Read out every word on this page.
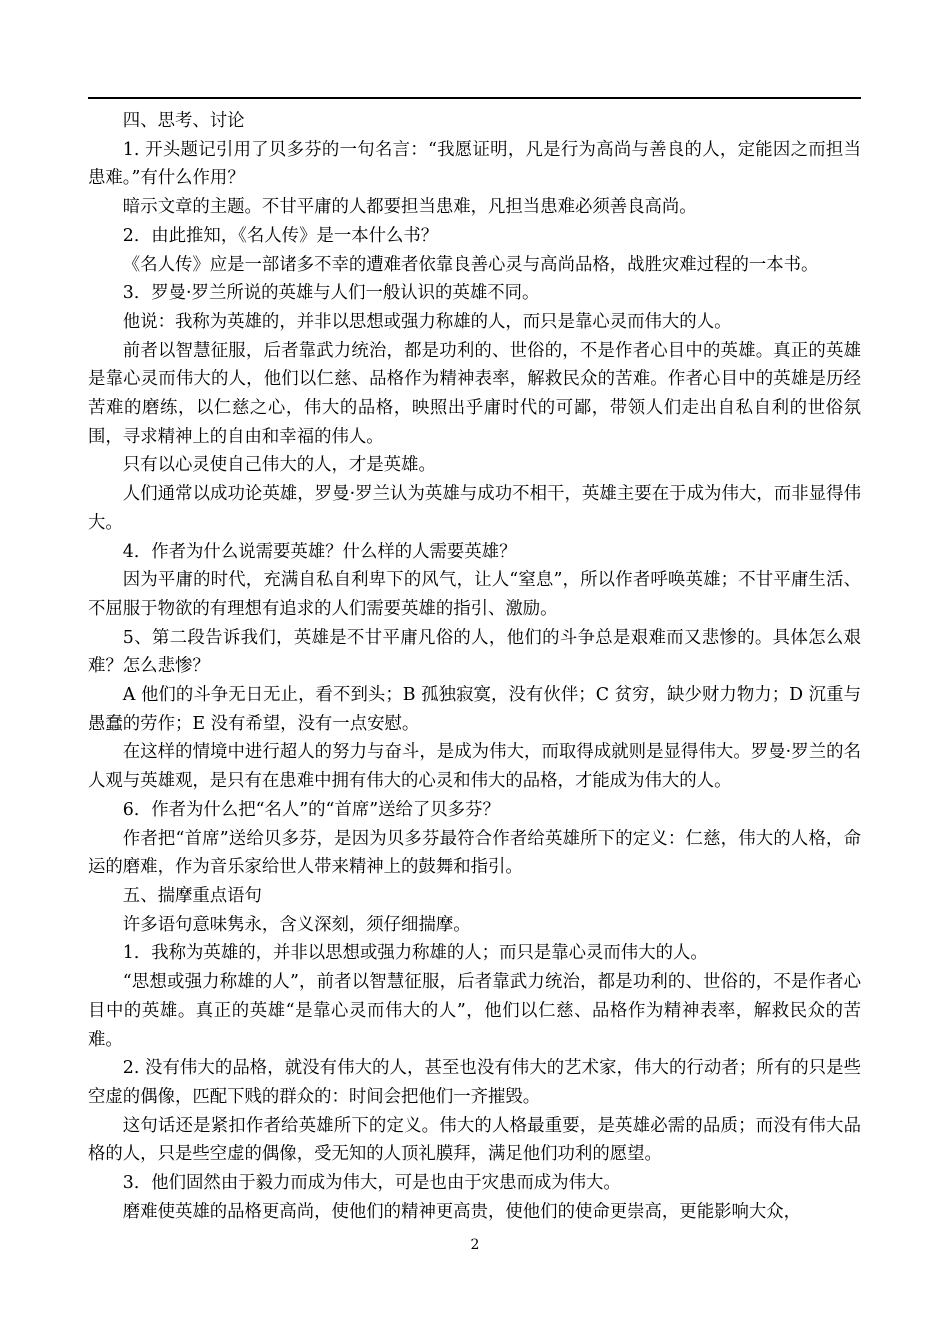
四、思考、讨论

1. 开头题记引用了贝多芬的一句名言：“我愿证明，凡是行为高尚与善良的人，定能因之而担当患难。”有什么作用？

暗示文章的主题。不甘平庸的人都要担当患难，凡担当患难必须善良高尚。

2．由此推知，《名人传》是一本什么书？

《名人传》应是一部诸多不幸的遭难者依靠良善心灵与高尚品格，战胜灾难过程的一本书。

3．罗曼·罗兰所说的英雄与人们一般认识的英雄不同。

他说：我称为英雄的，并非以思想或强力称雄的人，而只是靠心灵而伟大的人。

前者以智慧征服，后者靠武力统治，都是功利的、世俗的，不是作者心目中的英雄。真正的英雄是靠心灵而伟大的人，他们以仁慈、品格作为精神表率，解救民众的苦难。作者心目中的英雄是历经苦难的磨练，以仁慈之心，伟大的品格，映照出乎庸时代的可鄙，带领人们走出自私自利的世俗氛围，寻求精神上的自由和幸福的伟人。

只有以心灵使自己伟大的人，才是英雄。

人们通常以成功论英雄，罗曼·罗兰认为英雄与成功不相干，英雄主要在于成为伟大，而非显得伟大。

4．作者为什么说需要英雄？什么样的人需要英雄？

因为平庸的时代，充满自私自利卑下的风气，让人“窒息”，所以作者呼唤英雄；不甘平庸生活、不屈服于物欲的有理想有追求的人们需要英雄的指引、激励。

5、第二段告诉我们，英雄是不甘平庸凡俗的人，他们的斗争总是艰难而又悲惨的。具体怎么艰难？怎么悲惨？

A 他们的斗争无日无止，看不到头；B 孤独寂寞，没有伙伴；C 贫穷，缺少财力物力；D 沉重与愚蠢的劳作；E 没有希望，没有一点安慰。

在这样的情境中进行超人的努力与奋斗，是成为伟大，而取得成就则是显得伟大。罗曼·罗兰的名人观与英雄观，是只有在患难中拥有伟大的心灵和伟大的品格，才能成为伟大的人。

6．作者为什么把“名人”的“首席”送给了贝多芬？

作者把“首席”送给贝多芬，是因为贝多芬最符合作者给英雄所下的定义：仁慈，伟大的人格，命运的磨难，作为音乐家给世人带来精神上的鼓舞和指引。

五、揣摩重点语句

许多语句意味隽永，含义深刻，须仔细揣摩。

1．我称为英雄的，并非以思想或强力称雄的人；而只是靠心灵而伟大的人。

“思想或强力称雄的人”，前者以智慧征服，后者靠武力统治，都是功利的、世俗的，不是作者心目中的英雄。真正的英雄“是靠心灵而伟大的人”，他们以仁慈、品格作为精神表率，解救民众的苦难。

2. 没有伟大的品格，就没有伟大的人，甚至也没有伟大的艺术家，伟大的行动者；所有的只是些空虚的偶像，匹配下贱的群众的：时间会把他们一齐摧毁。

这句话还是紧扣作者给英雄所下的定义。伟大的人格最重要，是英雄必需的品质；而没有伟大品格的人，只是些空虚的偶像，受无知的人顶礼膜拜，满足他们功利的愿望。

3．他们固然由于毅力而成为伟大，可是也由于灾患而成为伟大。

磨难使英雄的品格更高尚，使他们的精神更高贵，使他们的使命更崇高，更能影响大众，

2
